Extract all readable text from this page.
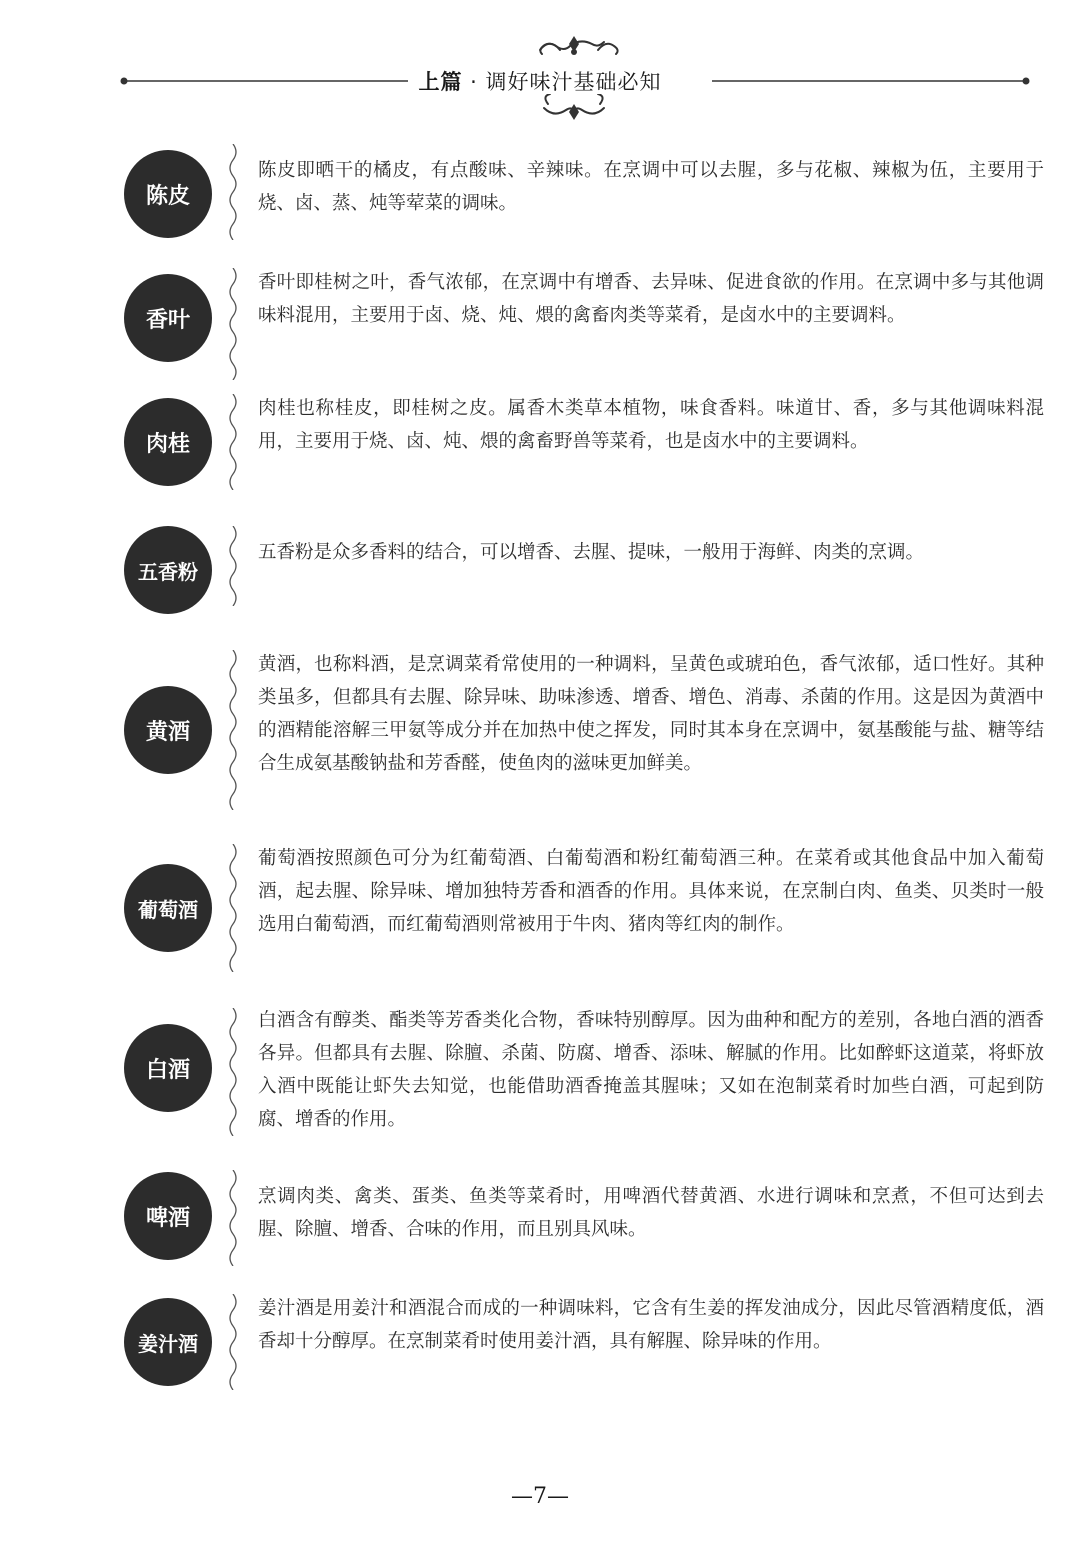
上篇 · 调好味汁基础必知
陈皮

陈皮即晒干的橘皮，有点酸味、辛辣味。在烹调中可以去腥，多与花椒、辣椒为伍，主要用于烧、卤、蒸、炖等荤菜的调味。

香叶

香叶即桂树之叶，香气浓郁，在烹调中有增香、去异味、促进食欲的作用。在烹调中多与其他调味料混用，主要用于卤、烧、炖、煨的禽畜肉类等菜肴，是卤水中的主要调料。

肉桂

肉桂也称桂皮，即桂树之皮。属香木类草本植物，味食香料。味道甘、香，多与其他调味料混用，主要用于烧、卤、炖、煨的禽畜野兽等菜肴，也是卤水中的主要调料。

五香粉

五香粉是众多香料的结合，可以增香、去腥、提味，一般用于海鲜、肉类的烹调。

黄酒

黄酒，也称料酒，是烹调菜肴常使用的一种调料，呈黄色或琥珀色，香气浓郁，适口性好。其种类虽多，但都具有去腥、除异味、助味渗透、增香、增色、消毒、杀菌的作用。这是因为黄酒中的酒精能溶解三甲氨等成分并在加热中使之挥发，同时其本身在烹调中，氨基酸能与盐、糖等结合生成氨基酸钠盐和芳香醛，使鱼肉的滋味更加鲜美。

葡萄酒

葡萄酒按照颜色可分为红葡萄酒、白葡萄酒和粉红葡萄酒三种。在菜肴或其他食品中加入葡萄酒，起去腥、除异味、增加独特芳香和酒香的作用。具体来说，在烹制白肉、鱼类、贝类时一般选用白葡萄酒，而红葡萄酒则常被用于牛肉、猪肉等红肉的制作。

白酒

白酒含有醇类、酯类等芳香类化合物，香味特别醇厚。因为曲种和配方的差别，各地白酒的酒香各异。但都具有去腥、除膻、杀菌、防腐、增香、添味、解腻的作用。比如醉虾这道菜，将虾放入酒中既能让虾失去知觉，也能借助酒香掩盖其腥味；又如在泡制菜肴时加些白酒，可起到防腐、增香的作用。

啤酒

烹调肉类、禽类、蛋类、鱼类等菜肴时，用啤酒代替黄酒、水进行调味和烹煮，不但可达到去腥、除膻、增香、合味的作用，而且别具风味。

姜汁酒

姜汁酒是用姜汁和酒混合而成的一种调味料，它含有生姜的挥发油成分，因此尽管酒精度低，酒香却十分醇厚。在烹制菜肴时使用姜汁酒，具有解腥、除异味的作用。

—7—
